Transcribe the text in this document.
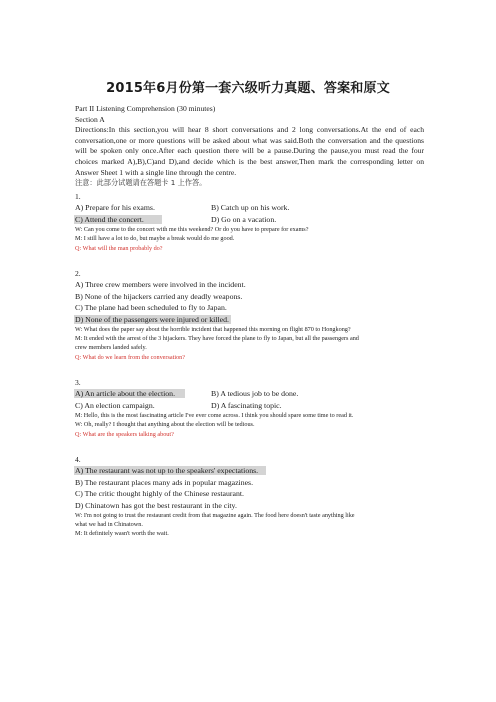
2015年6月份第一套六级听力真题、答案和原文
Part II Listening Comprehension (30 minutes)
Section A
Directions:In this section,you will hear 8 short conversations and 2 long conversations.At the end of each conversation,one or more questions will be asked about what was said.Both the conversation and the questions will be spoken only once.After each question there will be a pause.During the pause,you must read the four choices marked A),B),C)and D),and decide which is the best answer,Then mark the corresponding letter on Answer Sheet 1 with a single line through the centre.
注意：此部分试题请在答题卡 1 上作答。
1.
A) Prepare for his exams.	B) Catch up on his work.
C) Attend the concert.	D) Go on a vacation.
W: Can you come to the concert with me this weekend? Or do you have to prepare for exams?
M: I still have a lot to do, but maybe a break would do me good.
Q: What will the man probably do?
2.
A) Three crew members were involved in the incident.
B) None of the hijackers carried any deadly weapons.
C) The plane had been scheduled to fly to Japan.
D) None of the passengers were injured or killed.
W: What does the paper say about the horrible incident that happened this morning on flight 870 to Hongkong?
M: It ended with the arrest of the 3 hijackers. They have forced the plane to fly to Japan, but all the passengers and
crew members landed safely.
Q: What do we learn from the conversation?
3.
A) An article about the election.	B) A tedious job to be done.
C) An election campaign.	D) A fascinating topic.
M: Hello, this is the most fascinating article I've ever come across. I think you should spare some time to read it.
W: Oh, really? I thought that anything about the election will be tedious.
Q: What are the speakers talking about?
4.
A) The restaurant was not up to the speakers' expectations.
B) The restaurant places many ads in popular magazines.
C) The critic thought highly of the Chinese restaurant.
D) Chinatown has got the best restaurant in the city.
W: I'm not going to trust the restaurant credit from that magazine again. The food here doesn't taste anything like
what we had in Chinatown.
M: It definitely wasn't worth the wait.
